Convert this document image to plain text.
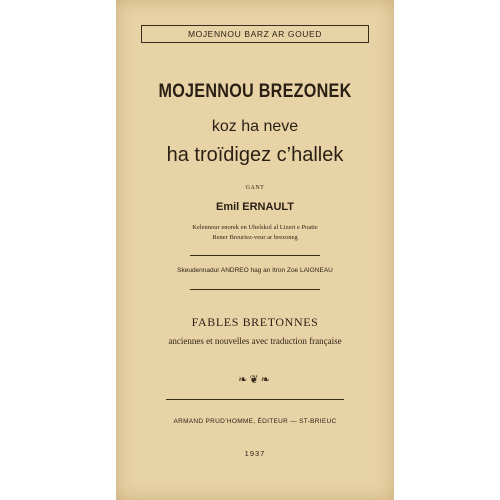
MOJENNOU BARZ AR GOUED
MOJENNOU BREZONEK
koz ha neve
ha troïdigez c’hallek
GANT
Emil ERNAULT
Kelennour enorek en Uhelskol al Lizeri e Poatie
Rener Breuriez-veur ar brezoneg
Skeudennadur ANDREO hag an Itron Zoe LAIGNEAU
FABLES BRETONNES
anciennes et nouvelles avec traduction française
❧❦❧
ARMAND PRUD’HOMME, ÉDITEUR — ST-BRIEUC
1937
